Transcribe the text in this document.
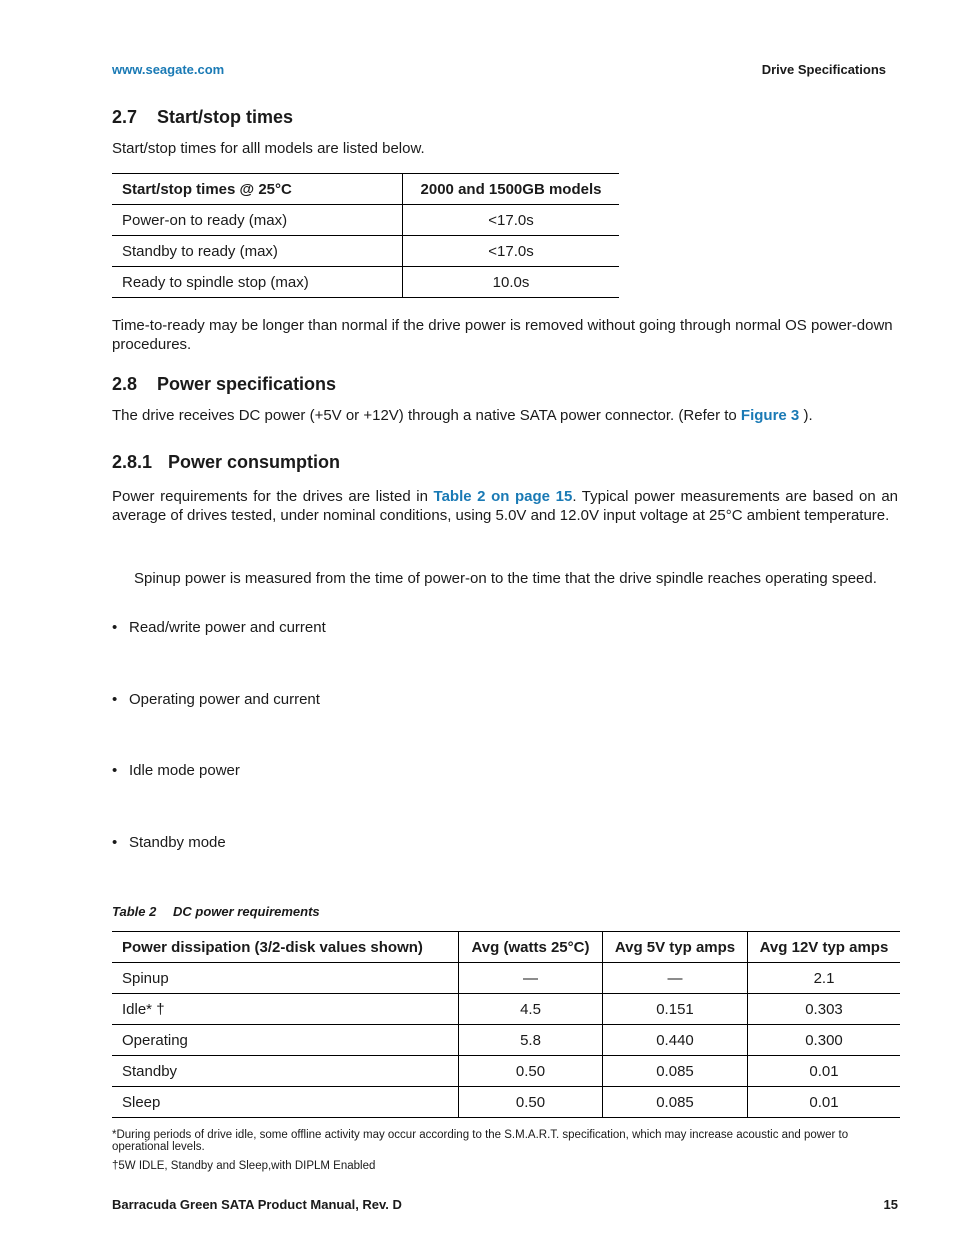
www.seagate.com	Drive Specifications
2.7 Start/stop times
Start/stop times for alll models are listed below.
Start/stop times @ 25°C	2000 and 1500GB models
Power-on to ready (max)	<17.0s
Standby to ready (max)	<17.0s
Ready to spindle stop (max)	10.0s
Time-to-ready may be longer than normal if the drive power is removed without going through normal OS power-down procedures.
2.8 Power specifications
The drive receives DC power (+5V or +12V) through a native SATA power connector. (Refer to Figure 3 ).
2.8.1 Power consumption
Power requirements for the drives are listed in Table 2 on page 15. Typical power measurements are based on an average of drives tested, under nominal conditions, using 5.0V and 12.0V input voltage at 25°C ambient temperature.
Spinup power is measured from the time of power-on to the time that the drive spindle reaches operating speed.
• Read/write power and current
• Operating power and current
• Idle mode power
• Standby mode
Table 2 DC power requirements
Power dissipation (3/2-disk values shown)	Avg (watts 25°C)	Avg 5V typ amps	Avg 12V typ amps
Spinup	—	—	2.1
Idle* †	4.5	0.151	0.303
Operating	5.8	0.440	0.300
Standby	0.50	0.085	0.01
Sleep	0.50	0.085	0.01
*During periods of drive idle, some offline activity may occur according to the S.M.A.R.T. specification, which may increase acoustic and power to operational levels.
†5W IDLE, Standby and Sleep,with DIPLM Enabled
Barracuda Green SATA Product Manual, Rev. D	15
